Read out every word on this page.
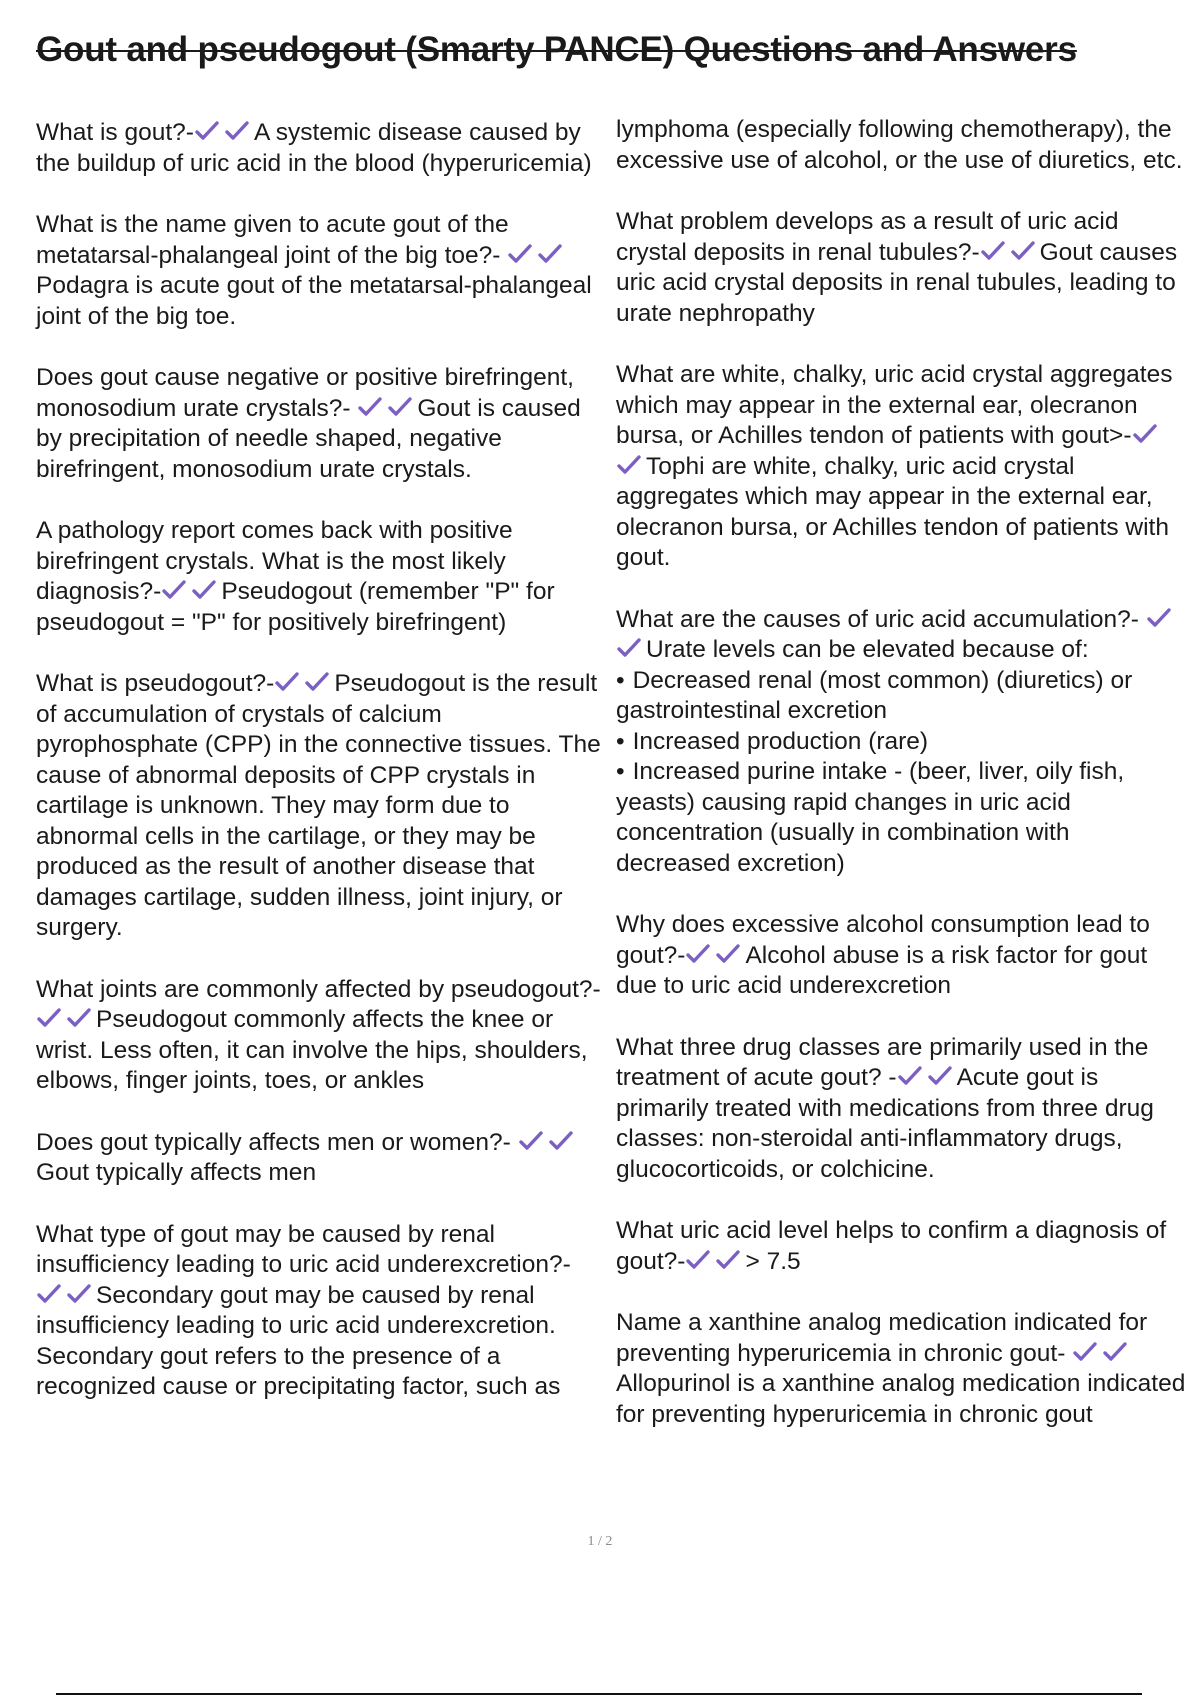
Gout and pseudogout (Smarty PANCE) Questions and Answers

What is gout?- A systemic disease caused by the buildup of uric acid in the blood (hyperuricemia)

What is the name given to acute gout of the metatarsal-phalangeal joint of the big toe?- Podagra is acute gout of the metatarsal-phalangeal joint of the big toe.

Does gout cause negative or positive birefringent, monosodium urate crystals?-	Gout is caused by precipitation of needle shaped, negative birefringent, monosodium urate crystals.

A pathology report comes back with positive birefringent crystals. What is the most likely diagnosis?- Pseudogout (remember "P" for pseudogout = "P" for positively birefringent)

What is pseudogout?- Pseudogout is the result of accumulation of crystals of calcium pyrophosphate (CPP) in the connective tissues. The cause of abnormal deposits of CPP crystals in cartilage is unknown. They may form due to abnormal cells in the cartilage, or they may be produced as the result of another disease that damages cartilage, sudden illness, joint injury, or surgery.

What joints are commonly affected by pseudogout?-Pseudogout commonly affects the knee or wrist. Less often, it can involve the hips, shoulders, elbows, finger joints, toes, or ankles

Does gout typically affects men or women?- Gout typically affects men

What type of gout may be caused by renal insufficiency leading to uric acid underexcretion?- Secondary gout may be caused by renal insufficiency leading to uric acid underexcretion. Secondary gout refers to the presence of a recognized cause or precipitating factor, such as

lymphoma (especially following chemotherapy), the excessive use of alcohol, or the use of diuretics, etc.

What problem develops as a result of uric acid crystal deposits in renal tubules?- Gout causes uric acid crystal deposits in renal tubules, leading to urate nephropathy

What are white, chalky, uric acid crystal aggregates which may appear in the external ear, olecranon bursa, or Achilles tendon of patients with gout>-Tophi are white, chalky, uric acid crystal aggregates which may appear in the external ear, olecranon bursa, or Achilles tendon of patients with gout.

What are the causes of uric acid accumulation?- Urate levels can be elevated because of:
• Decreased renal (most common) (diuretics) or gastrointestinal excretion
• Increased production (rare)
• Increased purine intake - (beer, liver, oily fish, yeasts) causing rapid changes in uric acid concentration (usually in combination with decreased excretion)

Why does excessive alcohol consumption lead to gout?- Alcohol abuse is a risk factor for gout due to uric acid underexcretion

What three drug classes are primarily used in the treatment of acute gout? - Acute gout is primarily treated with medications from three drug classes: non-steroidal anti-inflammatory drugs, glucocorticoids, or colchicine.

What uric acid level helps to confirm a diagnosis of gout?- > 7.5

Name a xanthine analog medication indicated for preventing hyperuricemia in chronic gout- Allopurinol is a xanthine analog medication indicated for preventing hyperuricemia in chronic gout

1 / 2
